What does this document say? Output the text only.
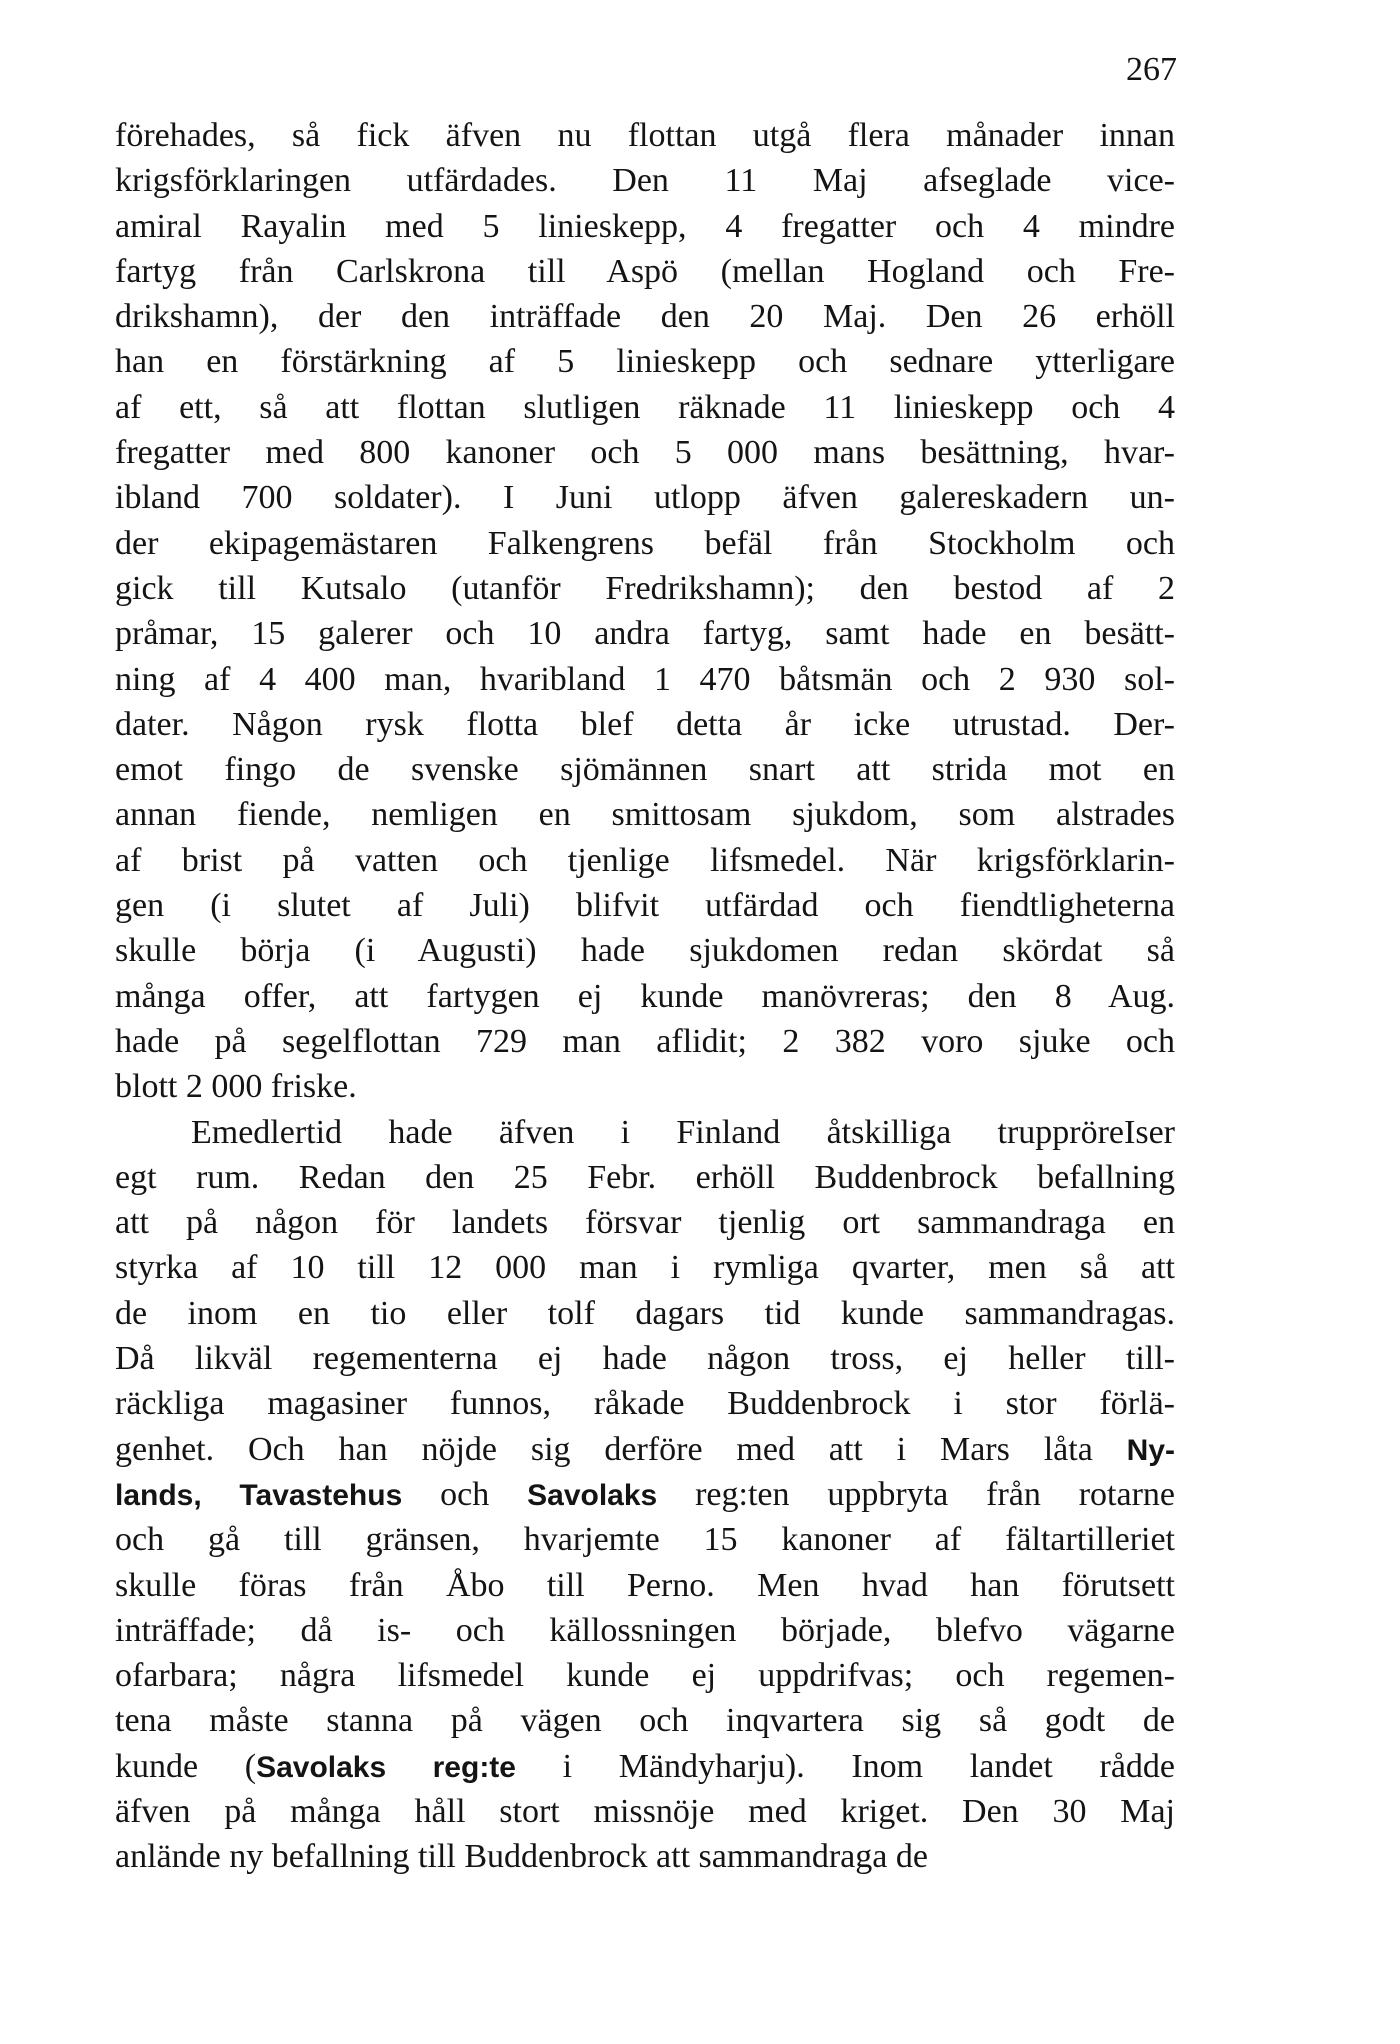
267
förehades, så fick äfven nu flottan utgå flera månader innan
krigsförklaringen utfärdades. Den 11 Maj afseglade vice-
amiral Rayalin med 5 linieskepp, 4 fregatter och 4 mindre
fartyg från Carlskrona till Aspö (mellan Hogland och Fre-
drikshamn), der den inträffade den 20 Maj. Den 26 erhöll
han en förstärkning af 5 linieskepp och sednare ytterligare
af ett, så att flottan slutligen räknade 11 linieskepp och 4
fregatter med 800 kanoner och 5 000 mans besättning, hvar-
ibland 700 soldater). I Juni utlopp äfven galereskadern un-
der ekipagemästaren Falkengrens befäl från Stockholm och
gick till Kutsalo (utanför Fredrikshamn); den bestod af 2
pråmar, 15 galerer och 10 andra fartyg, samt hade en besätt-
ning af 4 400 man, hvaribland 1 470 båtsmän och 2 930 sol-
dater. Någon rysk flotta blef detta år icke utrustad. Der-
emot fingo de svenske sjömännen snart att strida mot en
annan fiende, nemligen en smittosam sjukdom, som alstrades
af brist på vatten och tjenlige lifsmedel. När krigsförklarin-
gen (i slutet af Juli) blifvit utfärdad och fiendtligheterna
skulle börja (i Augusti) hade sjukdomen redan skördat så
många offer, att fartygen ej kunde manövreras; den 8 Aug.
hade på segelflottan 729 man aflidit; 2 382 voro sjuke och
blott 2 000 friske.
Emedlertid hade äfven i Finland åtskilliga truppröreIser
egt rum. Redan den 25 Febr. erhöll Buddenbrock befallning
att på någon för landets försvar tjenlig ort sammandraga en
styrka af 10 till 12 000 man i rymliga qvarter, men så att
de inom en tio eller tolf dagars tid kunde sammandragas.
Då likväl regementerna ej hade någon tross, ej heller till-
räckliga magasiner funnos, råkade Buddenbrock i stor förlä-
genhet. Och han nöjde sig derföre med att i Mars låta Ny-
lands, Tavastehus och Savolaks reg:ten uppbryta från rotarne
och gå till gränsen, hvarjemte 15 kanoner af fältartilleriet
skulle föras från Åbo till Perno. Men hvad han förutsett
inträffade; då is- och källossningen började, blefvo vägarne
ofarbara; några lifsmedel kunde ej uppdrifvas; och regemen-
tena måste stanna på vägen och inqvartera sig så godt de
kunde (Savolaks reg:te i Mändyharju). Inom landet rådde
äfven på många håll stort missnöje med kriget. Den 30 Maj
anlände ny befallning till Buddenbrock att sammandraga de
